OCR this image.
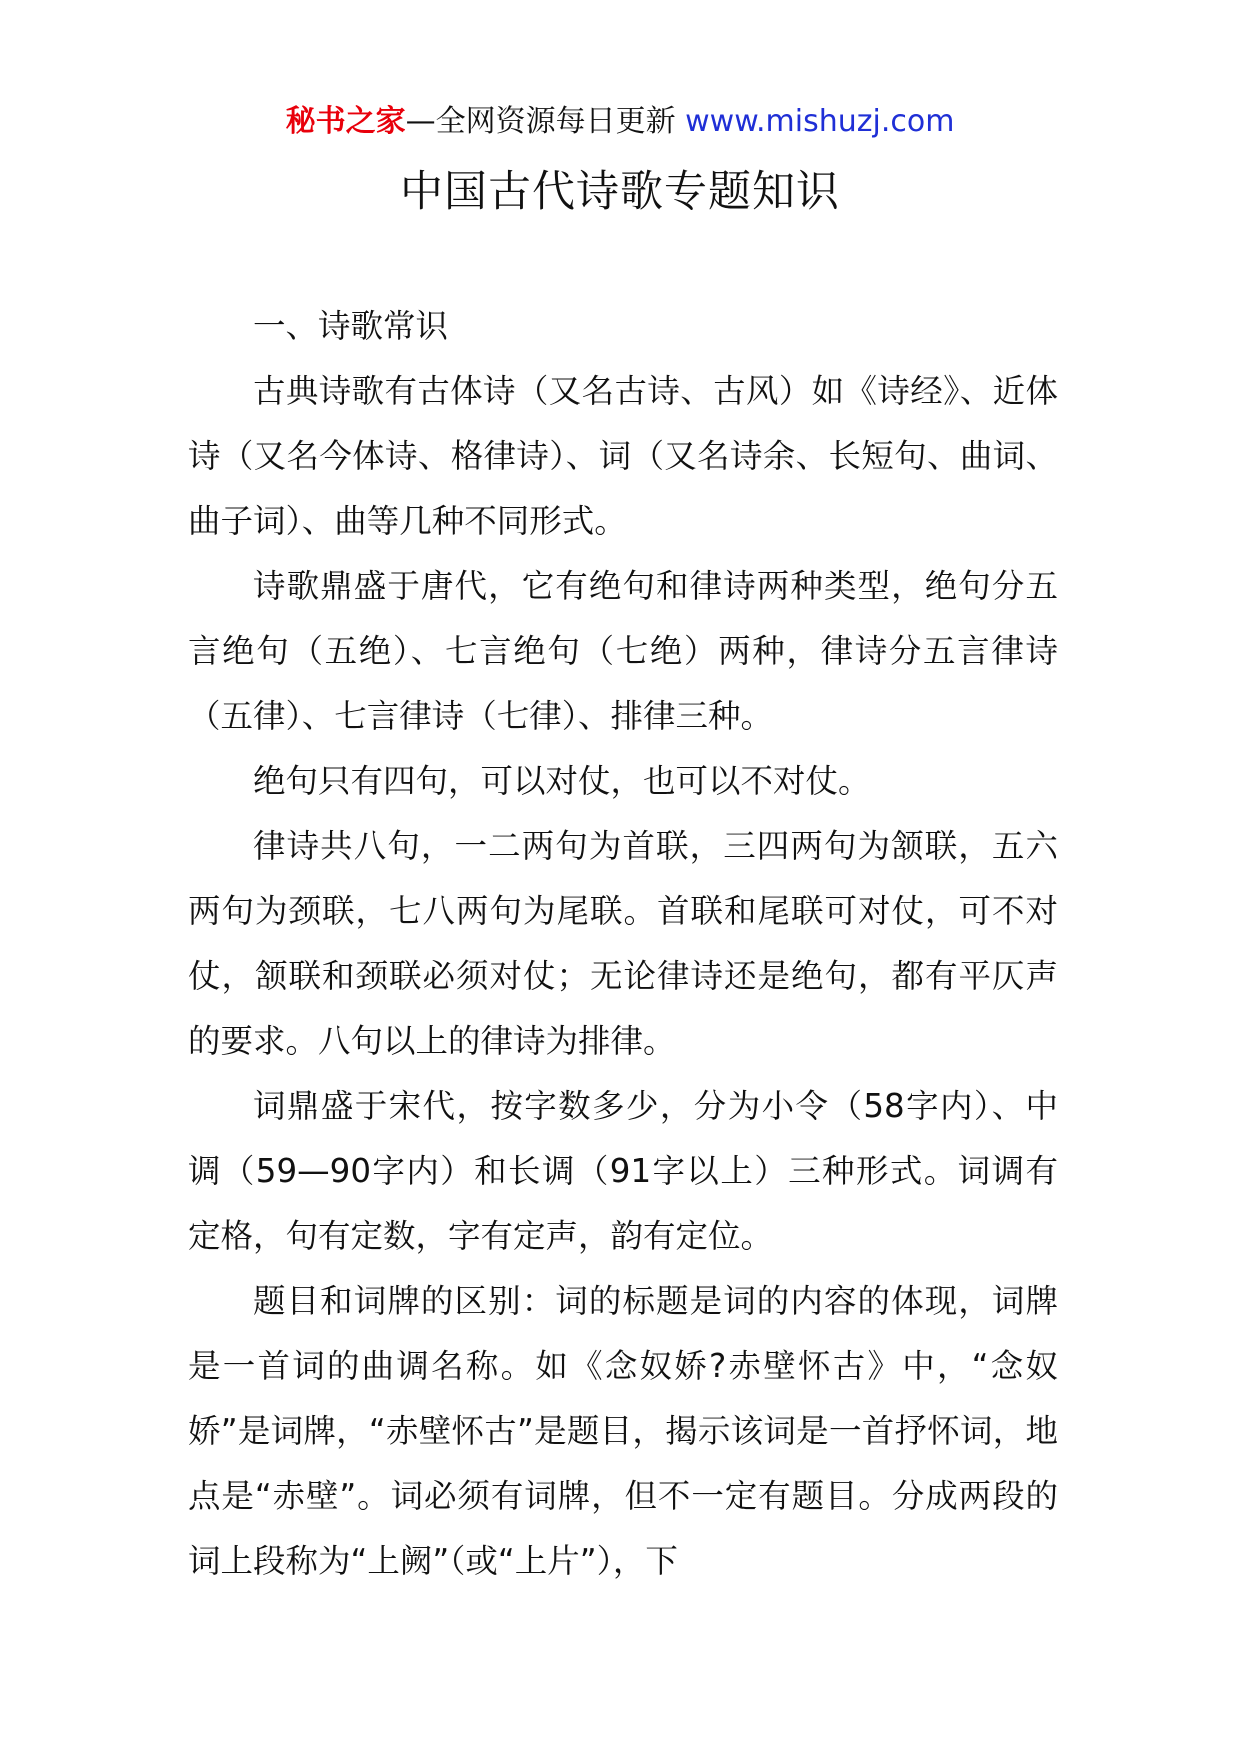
秘书之家—全网资源每日更新 www.mishuzj.com
中国古代诗歌专题知识

一、诗歌常识

古典诗歌有古体诗（又名古诗、古风）如《诗经》、近体诗（又名今体诗、格律诗）、词（又名诗余、长短句、曲词、曲子词）、曲等几种不同形式。

诗歌鼎盛于唐代，它有绝句和律诗两种类型，绝句分五言绝句（五绝）、七言绝句（七绝）两种，律诗分五言律诗（五律）、七言律诗（七律）、排律三种。

绝句只有四句，可以对仗，也可以不对仗。

律诗共八句，一二两句为首联，三四两句为颔联，五六两句为颈联，七八两句为尾联。首联和尾联可对仗，可不对仗，颔联和颈联必须对仗；无论律诗还是绝句，都有平仄声的要求。八句以上的律诗为排律。

词鼎盛于宋代，按字数多少，分为小令（58字内）、中调（59—90字内）和长调（91字以上）三种形式。词调有定格，句有定数，字有定声，韵有定位。

题目和词牌的区别：词的标题是词的内容的体现，词牌是一首词的曲调名称。如《念奴娇?赤壁怀古》中，“念奴娇”是词牌，“赤壁怀古”是题目，揭示该词是一首抒怀词，地点是“赤壁”。词必须有词牌，但不一定有题目。分成两段的词上段称为“上阙”（或“上片”），下
